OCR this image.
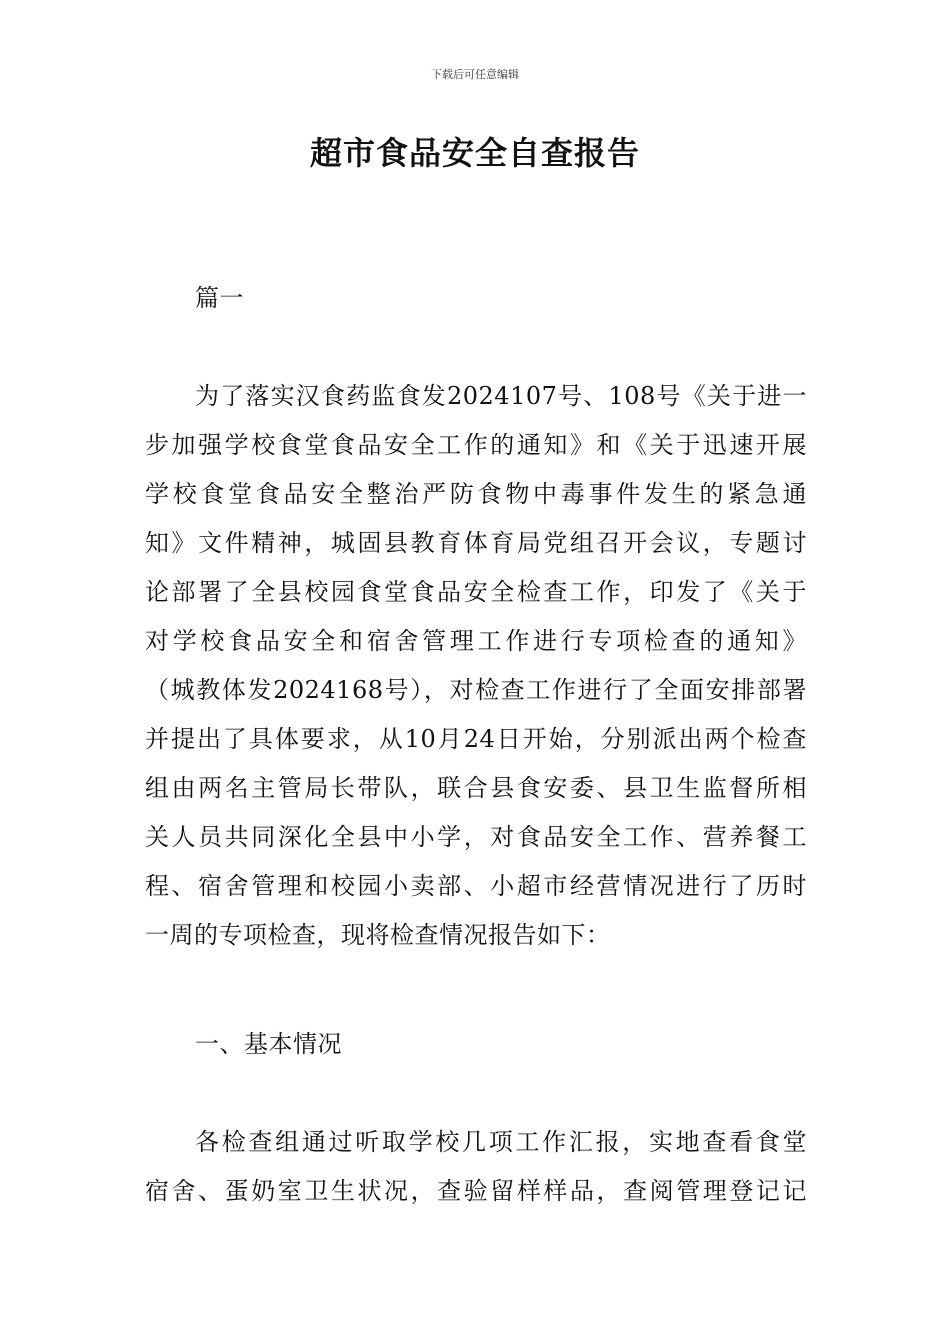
下载后可任意编辑
超市食品安全自查报告
篇一
为了落实汉食药监食发2024107号、108号《关于进一
步加强学校食堂食品安全工作的通知》和《关于迅速开展
学校食堂食品安全整治严防食物中毒事件发生的紧急通
知》文件精神，城固县教育体育局党组召开会议，专题讨
论部署了全县校园食堂食品安全检查工作，印发了《关于
对学校食品安全和宿舍管理工作进行专项检查的通知》
（城教体发2024168号），对检查工作进行了全面安排部署
并提出了具体要求，从10月24日开始，分别派出两个检查
组由两名主管局长带队，联合县食安委、县卫生监督所相
关人员共同深化全县中小学，对食品安全工作、营养餐工
程、宿舍管理和校园小卖部、小超市经营情况进行了历时
一周的专项检查，现将检查情况报告如下：
一、基本情况
各检查组通过听取学校几项工作汇报，实地查看食堂
宿舍、蛋奶室卫生状况，查验留样样品，查阅管理登记记
